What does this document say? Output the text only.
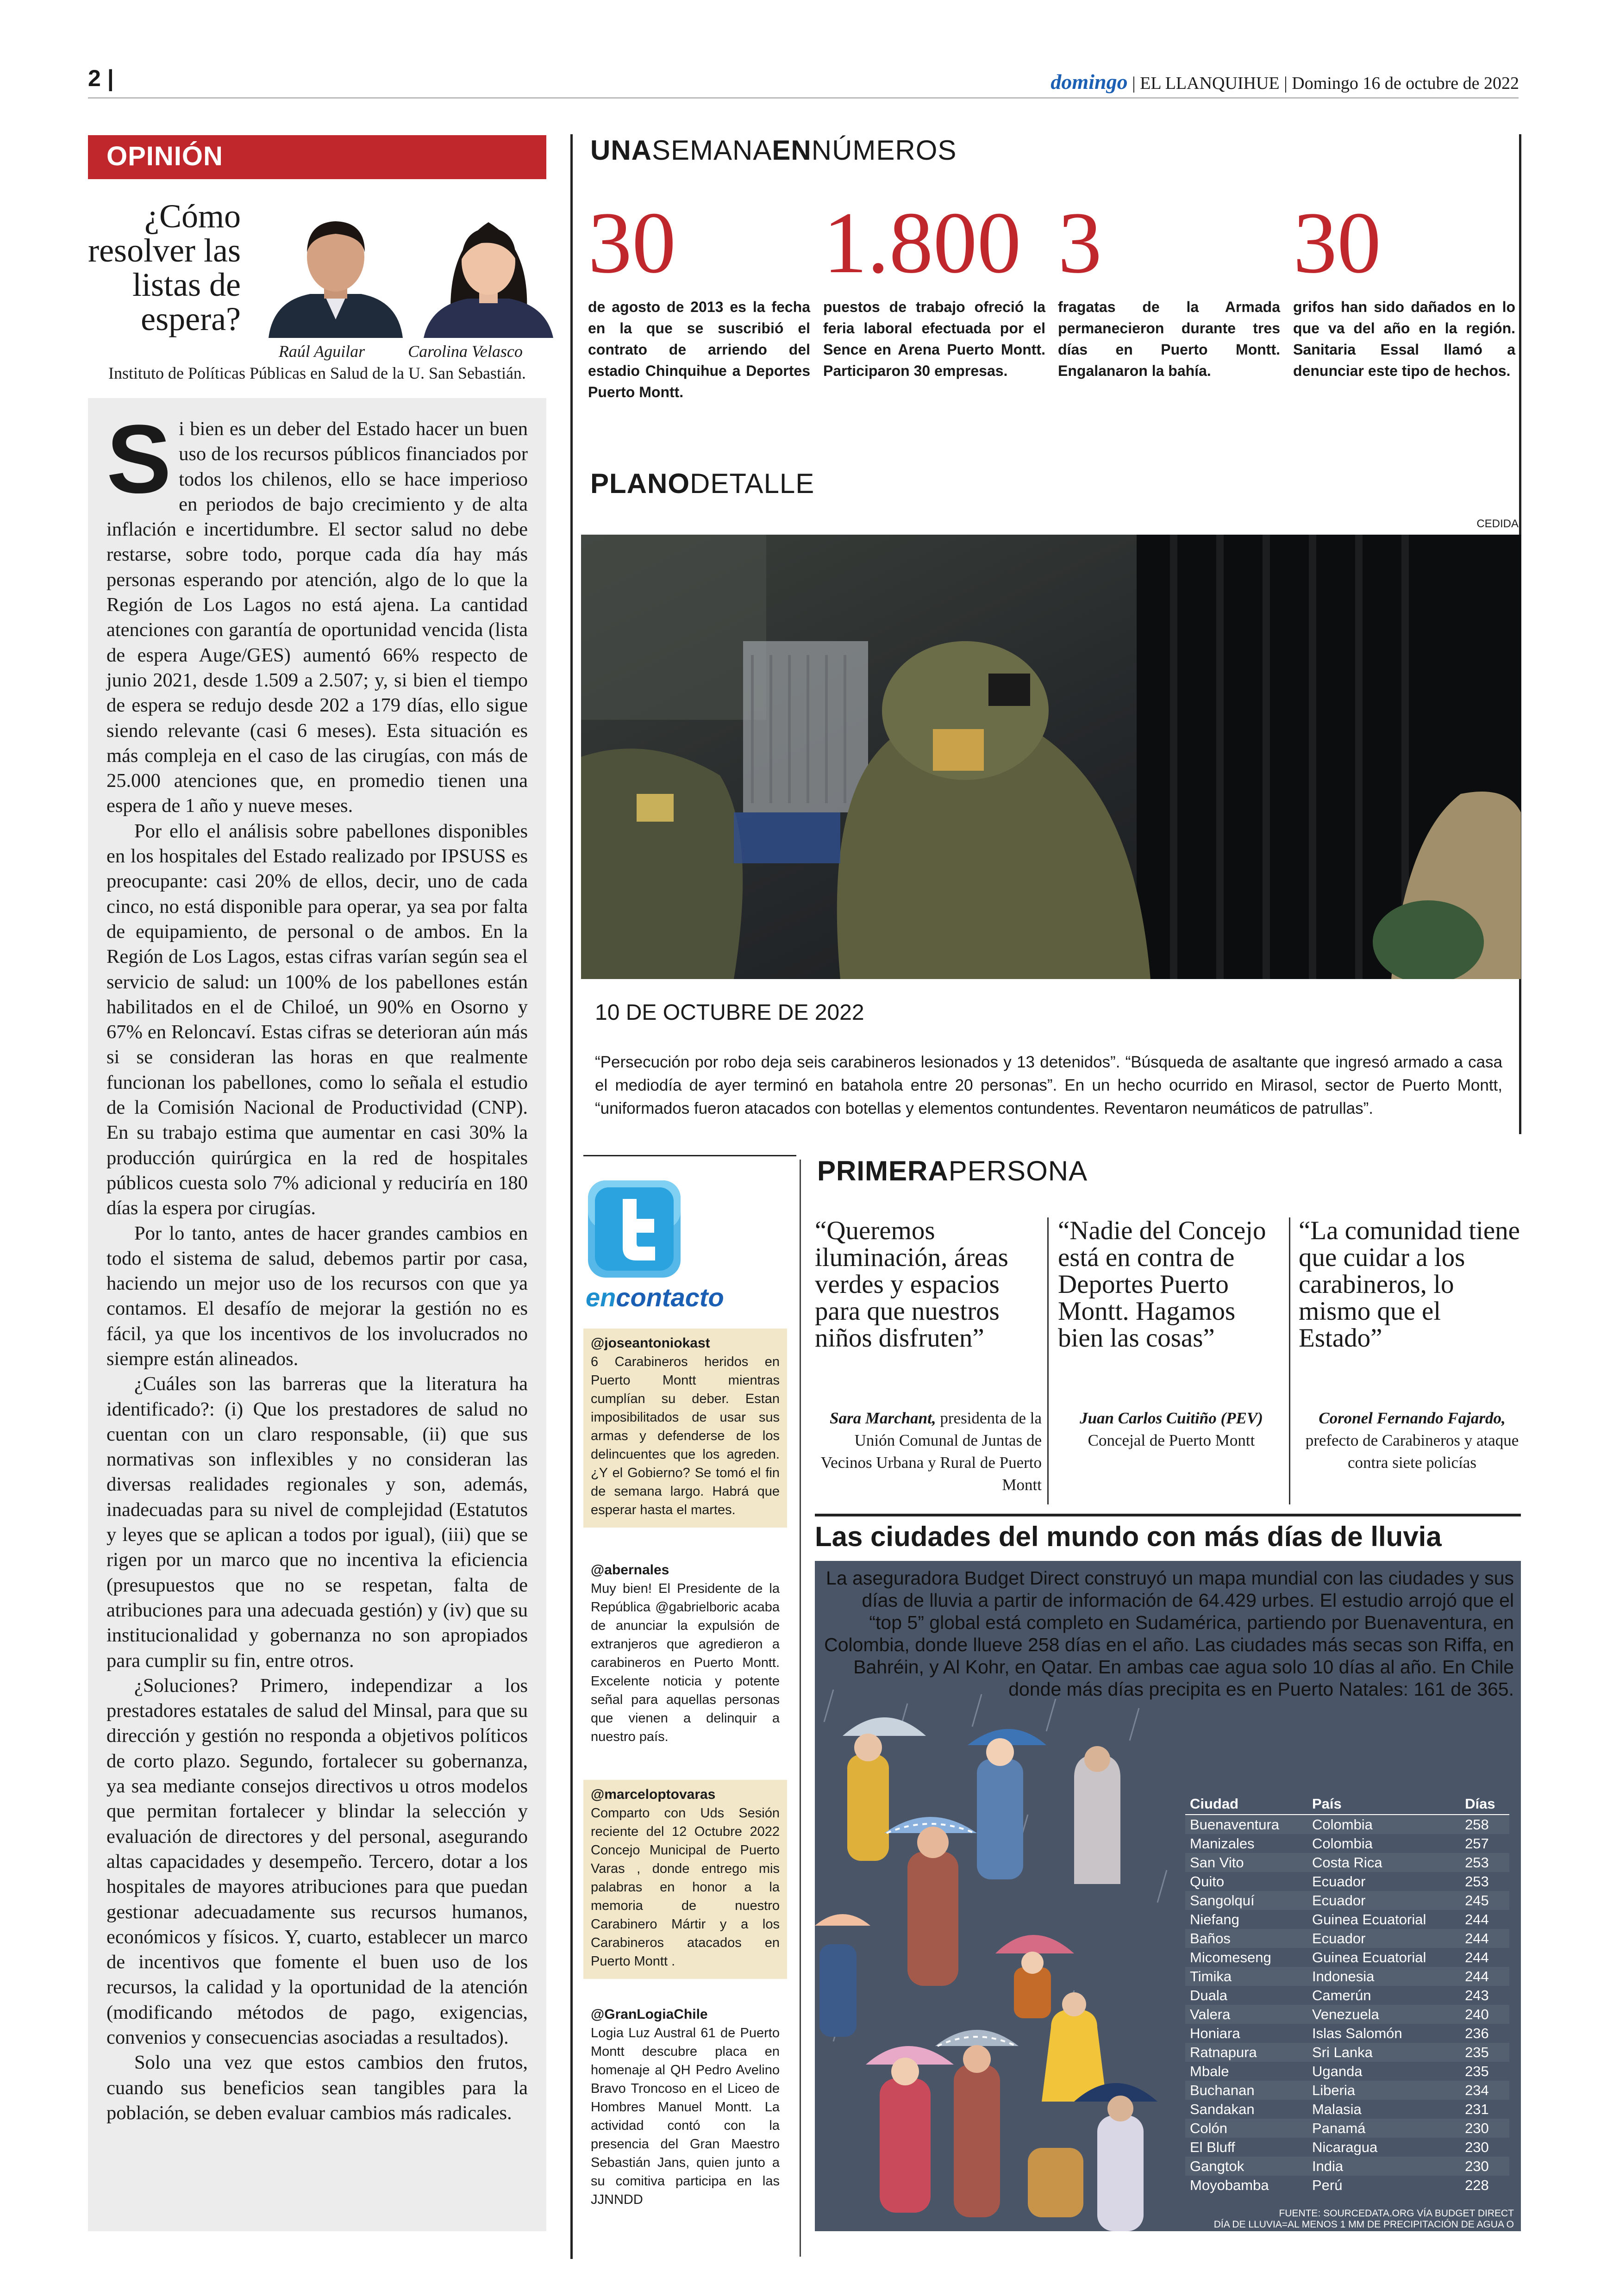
2 |	domingo | EL LLANQUIHUE | Domingo 16 de octubre de 2022
OPINIÓN
¿Cómo resolver las listas de espera?
Raúl Aguilar	Carolina Velasco
Instituto de Políticas Públicas en Salud de la U. San Sebastián.

Si bien es un deber del Estado hacer un buen uso de los recursos públicos financiados por todos los chilenos, ello se hace imperioso en periodos de bajo crecimiento y de alta inflación e incertidumbre. El sector salud no debe restarse, sobre todo, porque cada día hay más personas esperando por atención, algo de lo que la Región de Los Lagos no está ajena. La cantidad atenciones con garantía de oportunidad vencida (lista de espera Auge/GES) aumentó 66% respecto de junio 2021, desde 1.509 a 2.507; y, si bien el tiempo de espera se redujo desde 202 a 179 días, ello sigue siendo relevante (casi 6 meses). Esta situación es más compleja en el caso de las cirugías, con más de 25.000 atenciones que, en promedio tienen una espera de 1 año y nueve meses.

Por ello el análisis sobre pabellones disponibles en los hospitales del Estado realizado por IPSUSS es preocupante: casi 20% de ellos, decir, uno de cada cinco, no está disponible para operar, ya sea por falta de equipamiento, de personal o de ambos. En la Región de Los Lagos, estas cifras varían según sea el servicio de salud: un 100% de los pabellones están habilitados en el de Chiloé, un 90% en Osorno y 67% en Reloncaví. Estas cifras se deterioran aún más si se consideran las horas en que realmente funcionan los pabellones, como lo señala el estudio de la Comisión Nacional de Productividad (CNP). En su trabajo estima que aumentar en casi 30% la producción quirúrgica en la red de hospitales públicos cuesta solo 7% adicional y reduciría en 180 días la espera por cirugías.

Por lo tanto, antes de hacer grandes cambios en todo el sistema de salud, debemos partir por casa, haciendo un mejor uso de los recursos con que ya contamos. El desafío de mejorar la gestión no es fácil, ya que los incentivos de los involucrados no siempre están alineados.

¿Cuáles son las barreras que la literatura ha identificado?: (i) Que los prestadores de salud no cuentan con un claro responsable, (ii) que sus normativas son inflexibles y no consideran las diversas realidades regionales y son, además, inadecuadas para su nivel de complejidad (Estatutos y leyes que se aplican a todos por igual), (iii) que se rigen por un marco que no incentiva la eficiencia (presupuestos que no se respetan, falta de atribuciones para una adecuada gestión) y (iv) que su institucionalidad y gobernanza no son apropiados para cumplir su fin, entre otros.

¿Soluciones? Primero, independizar a los prestadores estatales de salud del Minsal, para que su dirección y gestión no responda a objetivos políticos de corto plazo. Segundo, fortalecer su gobernanza, ya sea mediante consejos directivos u otros modelos que permitan fortalecer y blindar la selección y evaluación de directores y del personal, asegurando altas capacidades y desempeño. Tercero, dotar a los hospitales de mayores atribuciones para que puedan gestionar adecuadamente sus recursos humanos, económicos y físicos. Y, cuarto, establecer un marco de incentivos que fomente el buen uso de los recursos, la calidad y la oportunidad de la atención (modificando métodos de pago, exigencias, convenios y consecuencias asociadas a resultados).

Solo una vez que estos cambios den frutos, cuando sus beneficios sean tangibles para la población, se deben evaluar cambios más radicales.

UNASEMANAENNÚMEROS
30
de agosto de 2013 es la fecha en la que se suscribió el contrato de arriendo del estadio Chinquihue a Deportes Puerto Montt.
1.800
puestos de trabajo ofreció la feria laboral efectuada por el Sence en Arena Puerto Montt. Participaron 30 empresas.
3
fragatas de la Armada permanecieron durante tres días en Puerto Montt. Engalanaron la bahía.
30
grifos han sido dañados en lo que va del año en la región. Sanitaria Essal llamó a denunciar este tipo de hechos.
PLANODETALLE
CEDIDA
10 DE OCTUBRE DE 2022
“Persecución por robo deja seis carabineros lesionados y 13 detenidos”. “Búsqueda de asaltante que ingresó armado a casa el mediodía de ayer terminó en batahola entre 20 personas”. En un hecho ocurrido en Mirasol, sector de Puerto Montt, “uniformados fueron atacados con botellas y elementos contundentes. Reventaron neumáticos de patrullas”.
encontacto
@joseantoniokast
6 Carabineros heridos en Puerto Montt mientras cumplían su deber. Estan imposibilitados de usar sus armas y defenderse de los delincuentes que los agreden. ¿Y el Gobierno? Se tomó el fin de semana largo. Habrá que esperar hasta el martes.
@abernales
Muy bien! El Presidente de la República @gabrielboric acaba de anunciar la expulsión de extranjeros que agredieron a carabineros en Puerto Montt. Excelente noticia y potente señal para aquellas personas que vienen a delinquir a nuestro país.
@marceloptovaras
Comparto con Uds Sesión reciente del 12 Octubre 2022 Concejo Municipal de Puerto Varas , donde entrego mis palabras en honor a la memoria de nuestro Carabinero Mártir y a los Carabineros atacados en Puerto Montt .
@GranLogiaChile
Logia Luz Austral 61 de Puerto Montt descubre placa en homenaje al QH Pedro Avelino Bravo Troncoso en el Liceo de Hombres Manuel Montt. La actividad contó con la presencia del Gran Maestro Sebastián Jans, quien junto a su comitiva participa en las JJNNDD
PRIMERAPERSONA
“Queremos iluminación, áreas verdes y espacios para que nuestros niños disfruten”
Sara Marchant, presidenta de la Unión Comunal de Juntas de Vecinos Urbana y Rural de Puerto Montt
“Nadie del Concejo está en contra de Deportes Puerto Montt. Hagamos bien las cosas”
Juan Carlos Cuitiño (PEV)
Concejal de Puerto Montt
“La comunidad tiene que cuidar a los carabineros, lo mismo que el Estado”
Coronel Fernando Fajardo, prefecto de Carabineros y ataque contra siete policías
Las ciudades del mundo con más días de lluvia
La aseguradora Budget Direct construyó un mapa mundial con las ciudades y sus días de lluvia a partir de información de 64.429 urbes. El estudio arrojó que el “top 5” global está completo en Sudamérica, partiendo por Buenaventura, en Colombia, donde llueve 258 días en el año. Las ciudades más secas son Riffa, en Bahréin, y Al Kohr, en Qatar. En ambas cae agua solo 10 días al año. En Chile donde más días precipita es en Puerto Natales: 161 de 365.
Ciudad	País	Días
Buenaventura	Colombia	258
Manizales	Colombia	257
San Vito	Costa Rica	253
Quito	Ecuador	253
Sangolquí	Ecuador	245
Niefang	Guinea Ecuatorial	244
Baños	Ecuador	244
Micomeseng	Guinea Ecuatorial	244
Timika	Indonesia	244
Duala	Camerún	243
Valera	Venezuela	240
Honiara	Islas Salomón	236
Ratnapura	Sri Lanka	235
Mbale	Uganda	235
Buchanan	Liberia	234
Sandakan	Malasia	231
Colón	Panamá	230
El Bluff	Nicaragua	230
Gangtok	India	230
Moyobamba	Perú	228
FUENTE: SOURCEDATA.ORG VÍA BUDGET DIRECT
DÍA DE LLUVIA=AL MENOS 1 MM DE PRECIPITACIÓN DE AGUA O NIEVE
